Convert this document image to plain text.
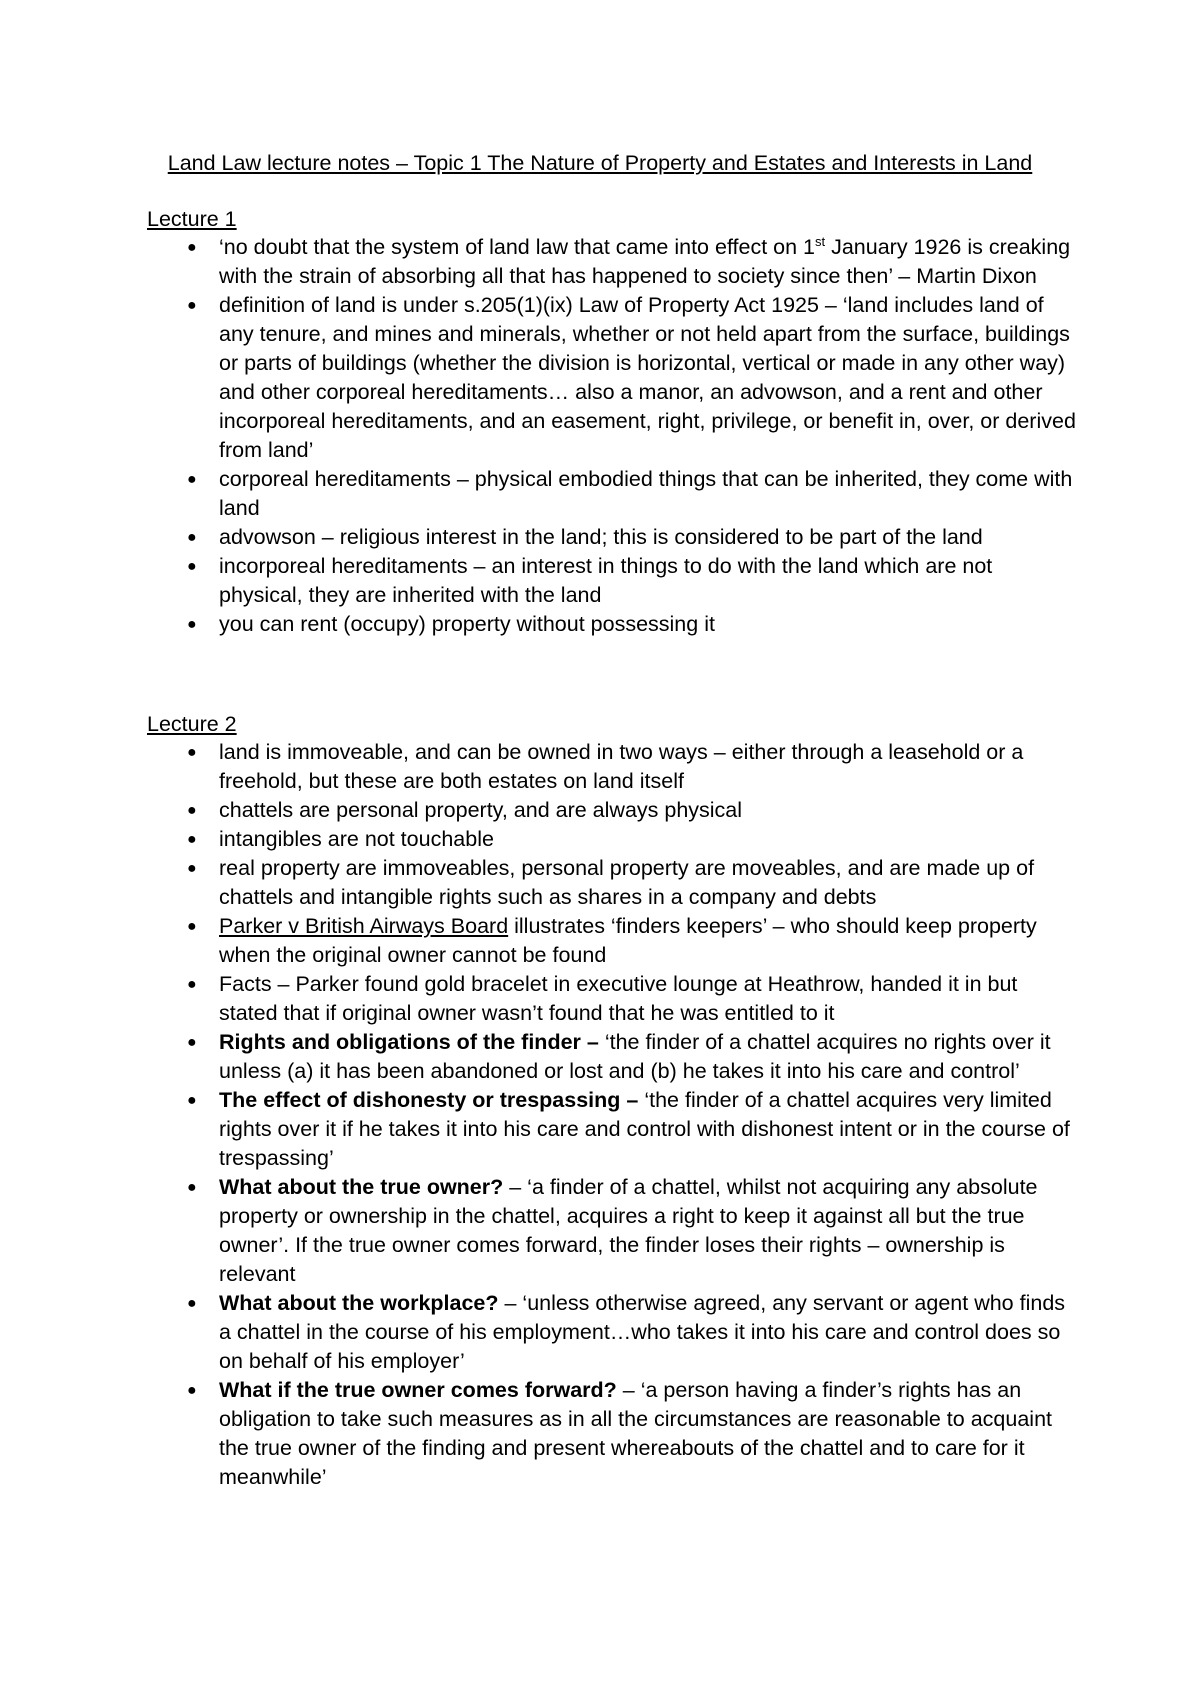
Land Law lecture notes – Topic 1 The Nature of Property and Estates and Interests in Land
Lecture 1
● ‘no doubt that the system of land law that came into effect on 1st January 1926 is creaking with the strain of absorbing all that has happened to society since then’ – Martin Dixon
● definition of land is under s.205(1)(ix) Law of Property Act 1925 – ‘land includes land of any tenure, and mines and minerals, whether or not held apart from the surface, buildings or parts of buildings (whether the division is horizontal, vertical or made in any other way) and other corporeal hereditaments… also a manor, an advowson, and a rent and other incorporeal hereditaments, and an easement, right, privilege, or benefit in, over, or derived from land’
● corporeal hereditaments – physical embodied things that can be inherited, they come with land
● advowson – religious interest in the land; this is considered to be part of the land
● incorporeal hereditaments – an interest in things to do with the land which are not physical, they are inherited with the land
● you can rent (occupy) property without possessing it
Lecture 2
● land is immoveable, and can be owned in two ways – either through a leasehold or a freehold, but these are both estates on land itself
● chattels are personal property, and are always physical
● intangibles are not touchable
● real property are immoveables, personal property are moveables, and are made up of chattels and intangible rights such as shares in a company and debts
● Parker v British Airways Board illustrates ‘finders keepers’ – who should keep property when the original owner cannot be found
● Facts – Parker found gold bracelet in executive lounge at Heathrow, handed it in but stated that if original owner wasn’t found that he was entitled to it
● Rights and obligations of the finder – ‘the finder of a chattel acquires no rights over it unless (a) it has been abandoned or lost and (b) he takes it into his care and control’
● The effect of dishonesty or trespassing – ‘the finder of a chattel acquires very limited rights over it if he takes it into his care and control with dishonest intent or in the course of trespassing’
● What about the true owner? – ‘a finder of a chattel, whilst not acquiring any absolute property or ownership in the chattel, acquires a right to keep it against all but the true owner’. If the true owner comes forward, the finder loses their rights – ownership is relevant
● What about the workplace? – ‘unless otherwise agreed, any servant or agent who finds a chattel in the course of his employment…who takes it into his care and control does so on behalf of his employer’
● What if the true owner comes forward? – ‘a person having a finder’s rights has an obligation to take such measures as in all the circumstances are reasonable to acquaint the true owner of the finding and present whereabouts of the chattel and to care for it meanwhile’
